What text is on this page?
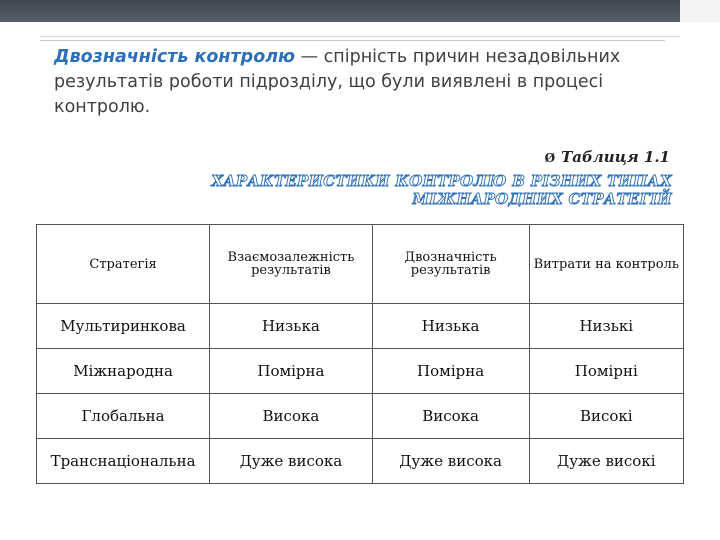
Двозначність контролю — спірність причин незадовільних результатів роботи підрозділу, що були виявлені в процесі контролю.
Ø Таблиця 1.1
ХАРАКТЕРИСТИКИ КОНТРОЛЮ В РІЗНИХ ТИПАХ МІЖНАРОДНИХ СТРАТЕГІЙ
Стратегія	Взаємозалежність результатів	Двозначність результатів	Витрати на контроль
Мультиринкова	Низька	Низька	Низькі
Міжнародна	Помірна	Помірна	Помірні
Глобальна	Висока	Висока	Високі
Транснаціональна	Дуже висока	Дуже висока	Дуже високі
